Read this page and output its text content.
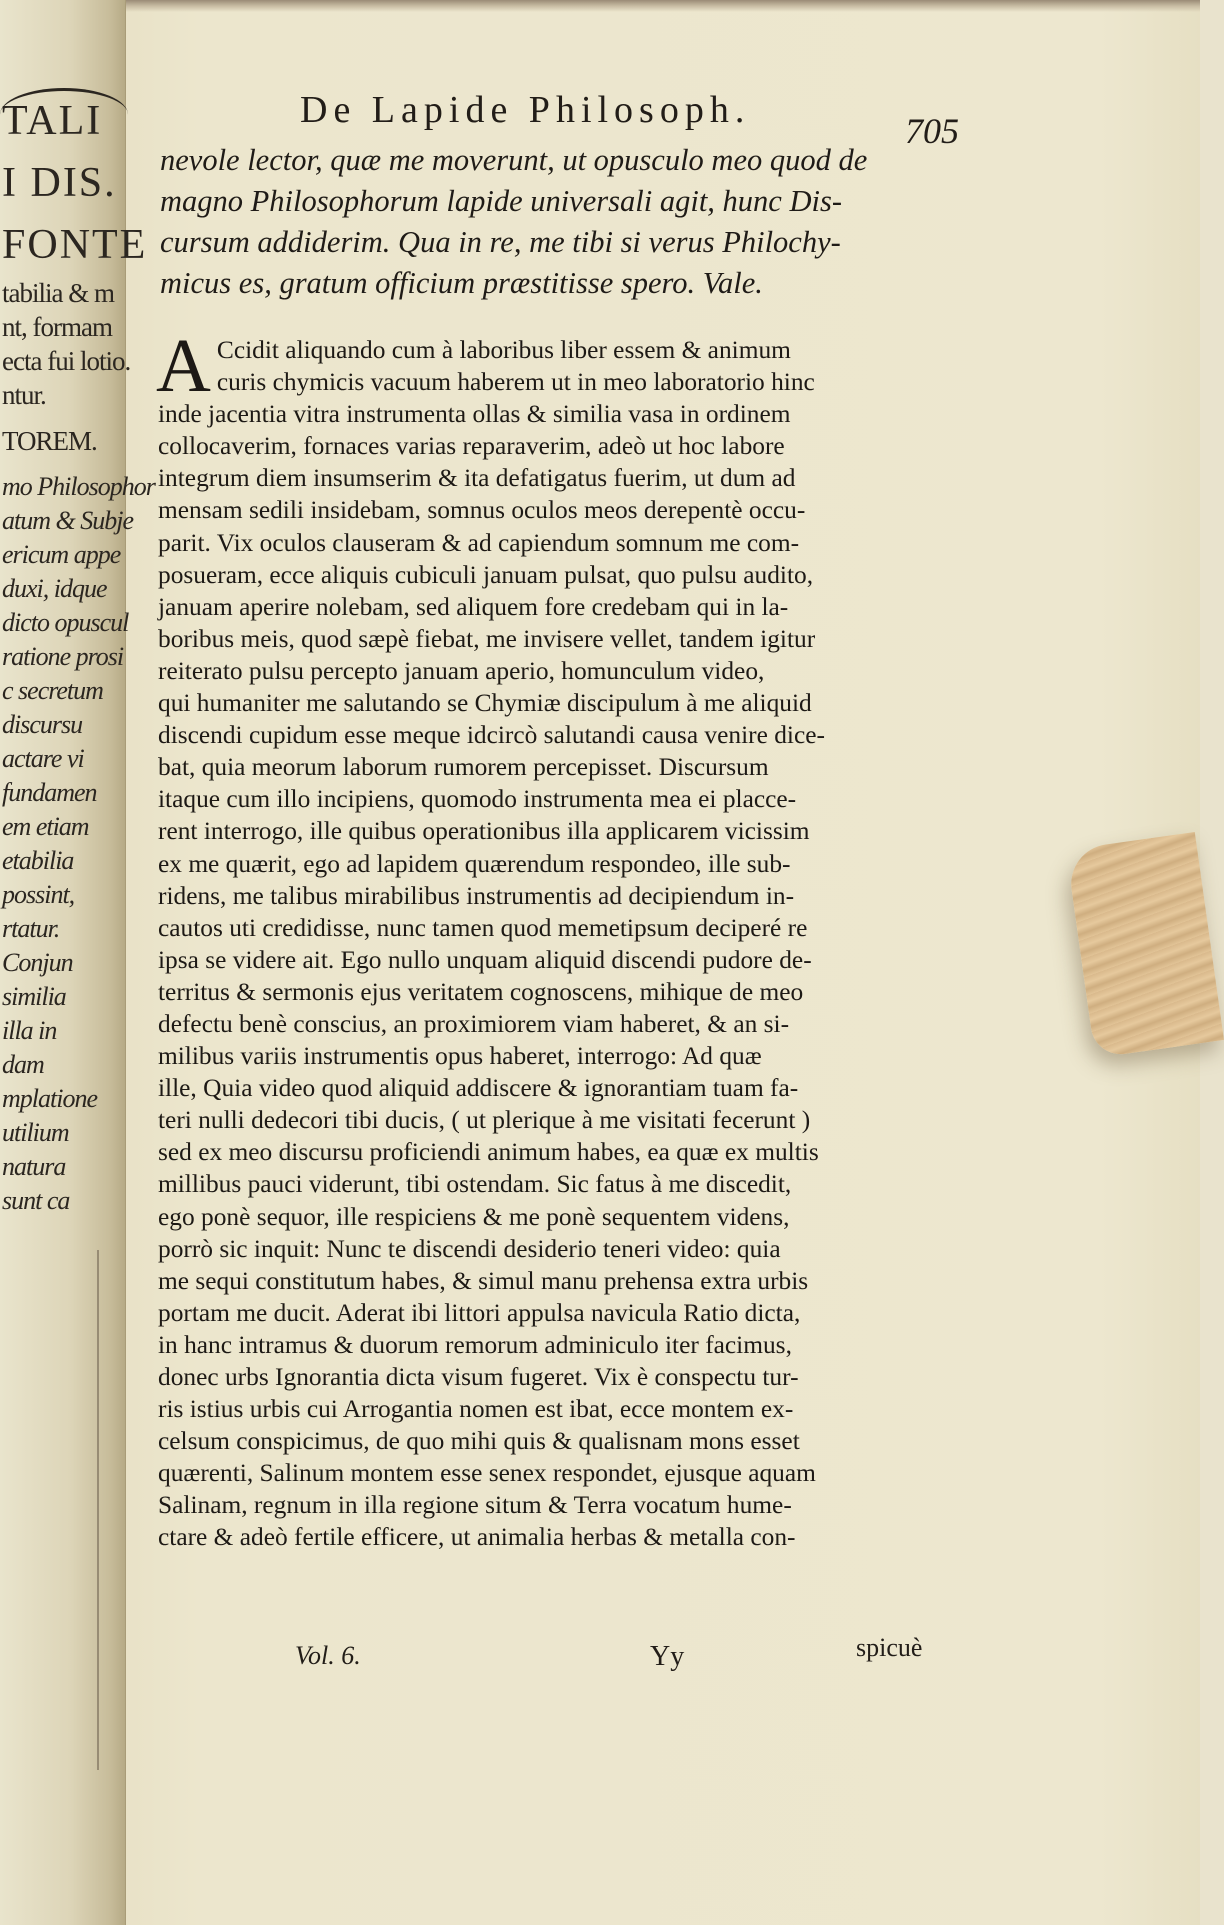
TALI
I DIS.
FONTE
tabilia & m
nt, formam
ecta fui lotio.
ntur.
TOREM.
mo Philosophor
atum & Subje
ericum appe
duxi, idque
dicto opuscul
ratione prosi
c secretum
discursu
actare vi
fundamen
em etiam
etabilia
possint,
rtatur.
Conjun
similia
illa in
dam
mplatione
utilium
natura
sunt ca
De Lapide Philosoph.	705
nevole lector, quæ me moverunt, ut opusculo meo quod de
magno Philosophorum lapide universali agit, hunc Dis-
cursum addiderim. Qua in re, me tibi si verus Philochy-
micus es, gratum officium præstitisse spero. Vale.
A Ccidit aliquando cum à laboribus liber essem & animum
curis chymicis vacuum haberem ut in meo laboratorio hinc
inde jacentia vitra instrumenta ollas & similia vasa in ordinem
collocaverim, fornaces varias reparaverim, adeò ut hoc labore
integrum diem insumserim & ita defatigatus fuerim, ut dum ad
mensam sedili insidebam, somnus oculos meos derepentè occu-
parit. Vix oculos clauseram & ad capiendum somnum me com-
posueram, ecce aliquis cubiculi januam pulsat, quo pulsu audito,
januam aperire nolebam, sed aliquem fore credebam qui in la-
boribus meis, quod sæpè fiebat, me invisere vellet, tandem igitur
reiterato pulsu percepto januam aperio, homunculum video,
qui humaniter me salutando se Chymiæ discipulum à me aliquid
discendi cupidum esse meque idcircò salutandi causa venire dice-
bat, quia meorum laborum rumorem percepisset. Discursum
itaque cum illo incipiens, quomodo instrumenta mea ei placce-
rent interrogo, ille quibus operationibus illa applicarem vicissim
ex me quærit, ego ad lapidem quærendum respondeo, ille sub-
ridens, me talibus mirabilibus instrumentis ad decipiendum in-
cautos uti credidisse, nunc tamen quod memetipsum deciperé re
ipsa se videre ait. Ego nullo unquam aliquid discendi pudore de-
territus & sermonis ejus veritatem cognoscens, mihique de meo
defectu benè conscius, an proximiorem viam haberet, & an si-
milibus variis instrumentis opus haberet, interrogo: Ad quæ
ille, Quia video quod aliquid addiscere & ignorantiam tuam fa-
teri nulli dedecori tibi ducis, ( ut plerique à me visitati fecerunt )
sed ex meo discursu proficiendi animum habes, ea quæ ex multis
millibus pauci viderunt, tibi ostendam. Sic fatus à me discedit,
ego ponè sequor, ille respiciens & me ponè sequentem videns,
porrò sic inquit: Nunc te discendi desiderio teneri video: quia
me sequi constitutum habes, & simul manu prehensa extra urbis
portam me ducit. Aderat ibi littori appulsa navicula Ratio dicta,
in hanc intramus & duorum remorum adminiculo iter facimus,
donec urbs Ignorantia dicta visum fugeret. Vix è conspectu tur-
ris istius urbis cui Arrogantia nomen est ibat, ecce montem ex-
celsum conspicimus, de quo mihi quis & qualisnam mons esset
quærenti, Salinum montem esse senex respondet, ejusque aquam
Salinam, regnum in illa regione situm & Terra vocatum hume-
ctare & adeò fertile efficere, ut animalia herbas & metalla con-
Vol. 6.	Yy	spicuè
